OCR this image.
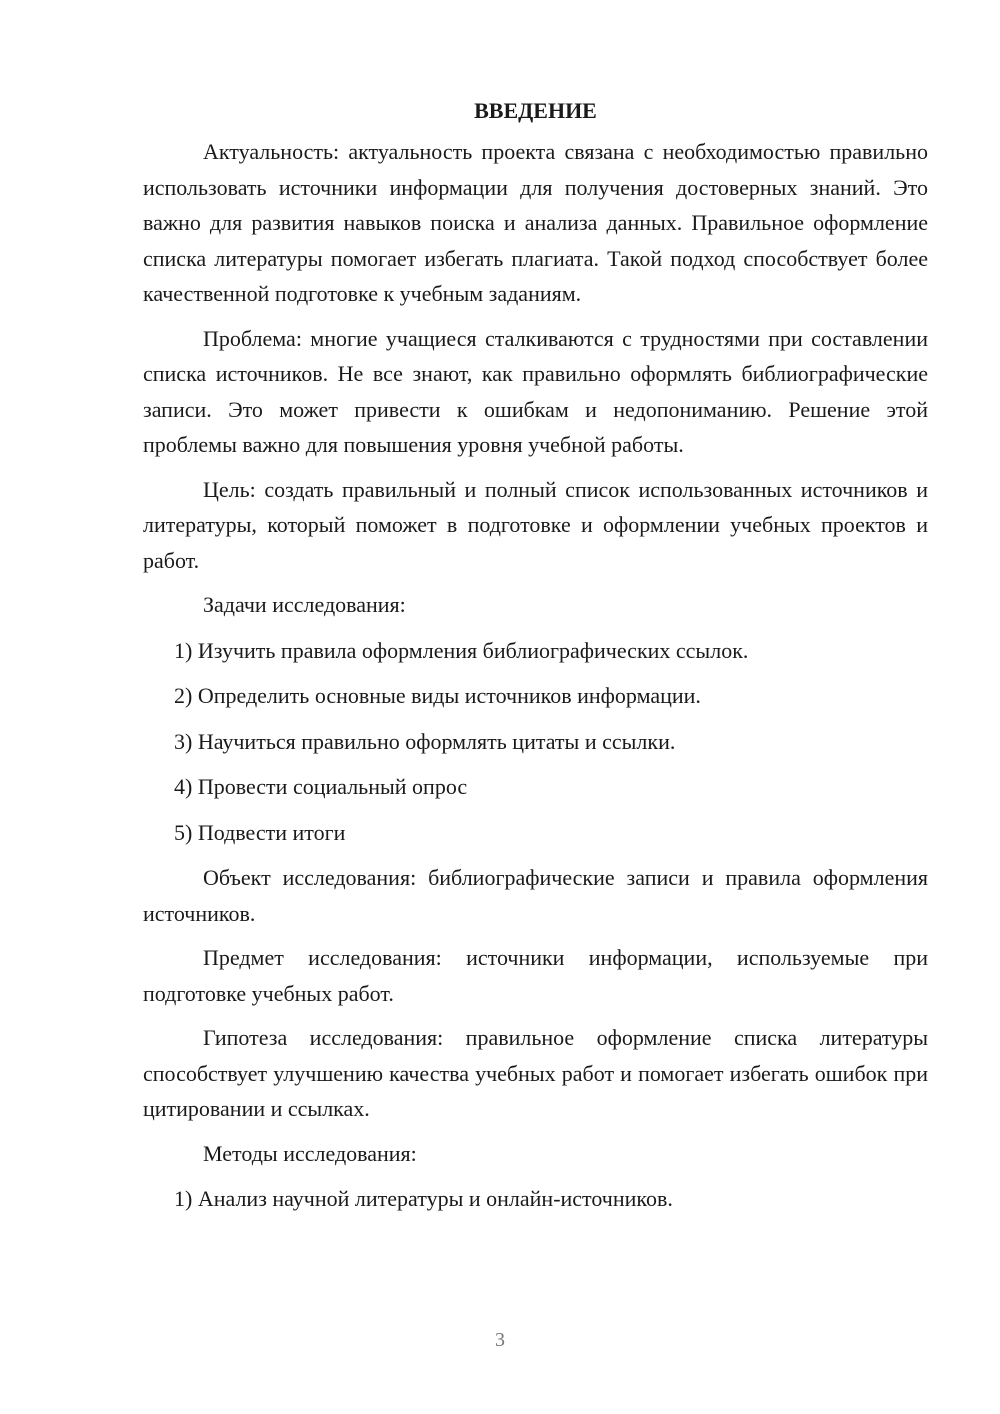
ВВЕДЕНИЕ

Актуальность: актуальность проекта связана с необходимостью правильно использовать источники информации для получения достоверных знаний. Это важно для развития навыков поиска и анализа данных. Правильное оформление списка литературы помогает избегать плагиата. Такой подход способствует более качественной подготовке к учебным заданиям.

Проблема: многие учащиеся сталкиваются с трудностями при составлении списка источников. Не все знают, как правильно оформлять библиографические записи. Это может привести к ошибкам и недопониманию. Решение этой проблемы важно для повышения уровня учебной работы.

Цель: создать правильный и полный список использованных источников и литературы, который поможет в подготовке и оформлении учебных проектов и работ.

Задачи исследования:

1) Изучить правила оформления библиографических ссылок.

2) Определить основные виды источников информации.

3) Научиться правильно оформлять цитаты и ссылки.

4) Провести социальный опрос

5) Подвести итоги

Объект исследования: библиографические записи и правила оформления источников.

Предмет исследования: источники информации, используемые при подготовке учебных работ.

Гипотеза исследования: правильное оформление списка литературы способствует улучшению качества учебных работ и помогает избегать ошибок при цитировании и ссылках.

Методы исследования:

1) Анализ научной литературы и онлайн-источников.

3
